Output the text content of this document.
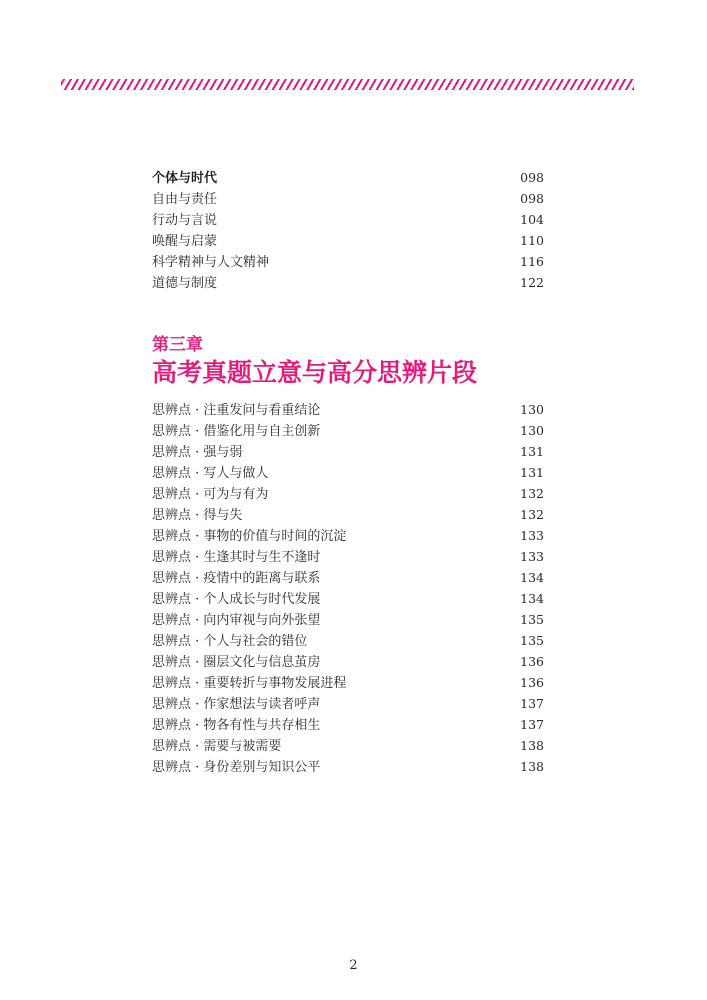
个体与时代	098
自由与责任	098
行动与言说	104
唤醒与启蒙	110
科学精神与人文精神	116
道德与制度	122
第三章
高考真题立意与高分思辨片段
思辨点 · 注重发问与看重结论	130
思辨点 · 借鉴化用与自主创新	130
思辨点 · 强与弱	131
思辨点 · 写人与做人	131
思辨点 · 可为与有为	132
思辨点 · 得与失	132
思辨点 · 事物的价值与时间的沉淀	133
思辨点 · 生逢其时与生不逢时	133
思辨点 · 疫情中的距离与联系	134
思辨点 · 个人成长与时代发展	134
思辨点 · 向内审视与向外张望	135
思辨点 · 个人与社会的错位	135
思辨点 · 圈层文化与信息茧房	136
思辨点 · 重要转折与事物发展进程	136
思辨点 · 作家想法与读者呼声	137
思辨点 · 物各有性与共存相生	137
思辨点 · 需要与被需要	138
思辨点 · 身份差别与知识公平	138
2
